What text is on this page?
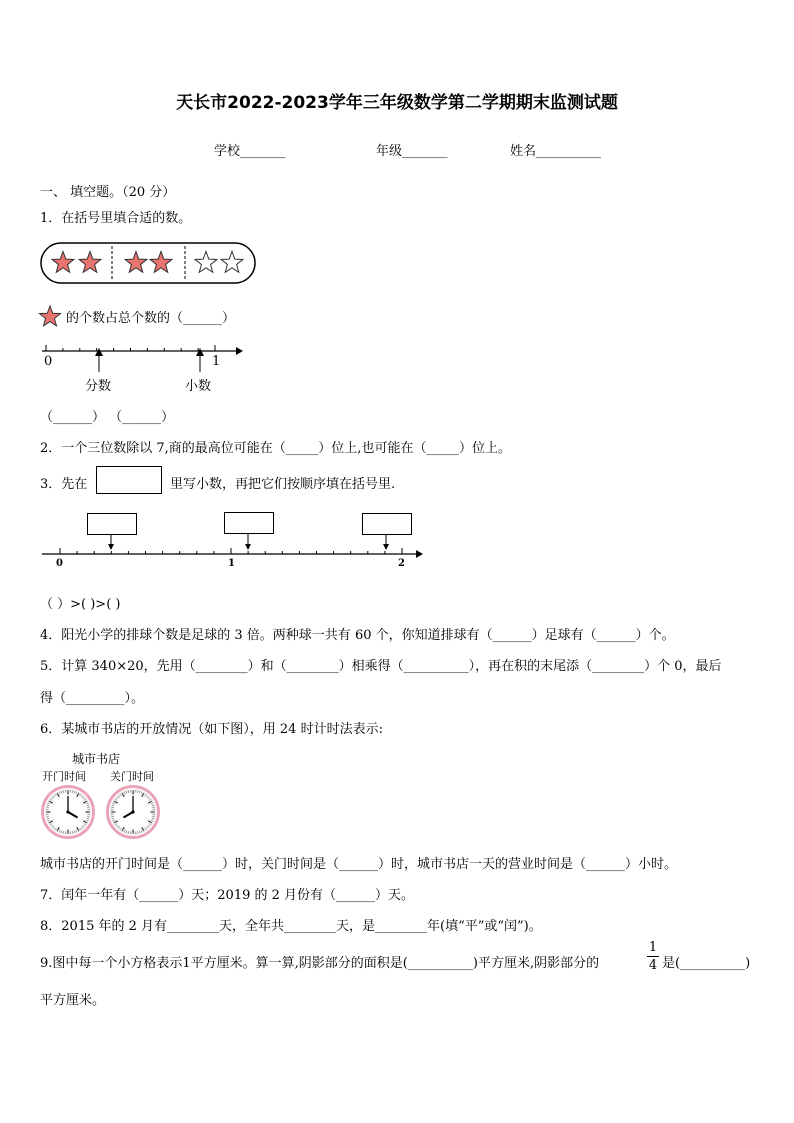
天长市2022-2023学年三年级数学第二学期期末监测试题
学校_______	年级_______	姓名__________
一、 填空题。（20 分）
1．在括号里填合适的数。
的个数占总个数的（______）
0	1
分数	小数
（______） （______）
2．一个三位数除以 7,商的最高位可能在（_____）位上,也可能在（_____）位上。
3．先在	里写小数，再把它们按顺序填在括号里.
0	1	2
（ ）>( )>( )
4．阳光小学的排球个数是足球的 3 倍。两种球一共有 60 个，你知道排球有（______）足球有（______）个。
5．计算 340×20，先用（________）和（________）相乘得（__________），再在积的末尾添（________）个 0，最后
得（_________）。
6．某城市书店的开放情况（如下图），用 24 时计时法表示:
城市书店
开门时间 关门时间
城市书店的开门时间是（______）时，关门时间是（______）时，城市书店一天的营业时间是（______）小时。
7．闰年一年有（______）天；2019 的 2 月份有（______）天。
8．2015 年的 2 月有________天，全年共________天，是________年(填“平”或“闰”)。
9.图中每一个小方格表示1平方厘米。算一算,阴影部分的面积是(__________)平方厘米,阴影部分的
1
4 是(__________)
平方厘米。
